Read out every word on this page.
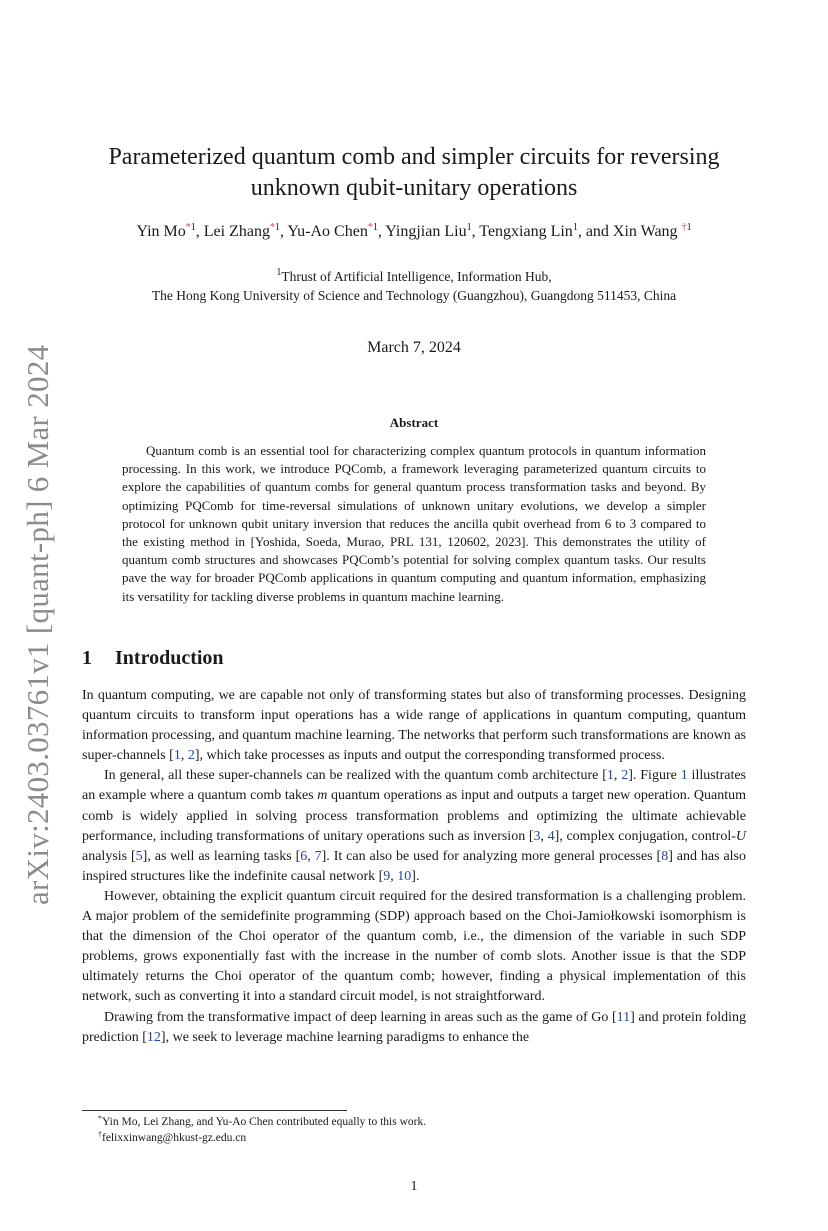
arXiv:2403.03761v1 [quant-ph] 6 Mar 2024
Parameterized quantum comb and simpler circuits for reversing
unknown qubit-unitary operations
Yin Mo$^{*1}$, Lei Zhang$^{*1}$, Yu-Ao Chen$^{*1}$, Yingjian Liu$^1$, Tengxiang Lin$^1$, and Xin Wang $^{\dagger 1}$
$^1$Thrust of Artificial Intelligence, Information Hub,
The Hong Kong University of Science and Technology (Guangzhou), Guangdong 511453, China
March 7, 2024
Abstract
Quantum comb is an essential tool for characterizing complex quantum protocols in quantum information processing. In this work, we introduce PQComb, a framework leveraging parameterized quantum circuits to explore the capabilities of quantum combs for general quantum process transformation tasks and beyond. By optimizing PQComb for time-reversal simulations of unknown unitary evolutions, we develop a simpler protocol for unknown qubit unitary inversion that reduces the ancilla qubit overhead from 6 to 3 compared to the existing method in [Yoshida, Soeda, Murao, PRL 131, 120602, 2023]. This demonstrates the utility of quantum comb structures and showcases PQComb’s potential for solving complex quantum tasks. Our results pave the way for broader PQComb applications in quantum computing and quantum information, emphasizing its versatility for tackling diverse problems in quantum machine learning.
1 Introduction

In quantum computing, we are capable not only of transforming states but also of transforming processes. Designing quantum circuits to transform input operations has a wide range of applications in quantum computing, quantum information processing, and quantum machine learning. The networks that perform such transformations are known as super-channels [1, 2], which take processes as inputs and output the corresponding transformed process.

In general, all these super-channels can be realized with the quantum comb architecture [1, 2]. Figure 1 illustrates an example where a quantum comb takes m quantum operations as input and outputs a target new operation. Quantum comb is widely applied in solving process transformation problems and optimizing the ultimate achievable performance, including transformations of unitary operations such as inversion [3, 4], complex conjugation, control-U analysis [5], as well as learning tasks [6, 7]. It can also be used for analyzing more general processes [8] and has also inspired structures like the indefinite causal network [9, 10].

However, obtaining the explicit quantum circuit required for the desired transformation is a challenging problem. A major problem of the semidefinite programming (SDP) approach based on the Choi-Jamiołkowski isomorphism is that the dimension of the Choi operator of the quantum comb, i.e., the dimension of the variable in such SDP problems, grows exponentially fast with the increase in the number of comb slots. Another issue is that the SDP ultimately returns the Choi operator of the quantum comb; however, finding a physical implementation of this network, such as converting it into a standard circuit model, is not straightforward.

Drawing from the transformative impact of deep learning in areas such as the game of Go [11] and protein folding prediction [12], we seek to leverage machine learning paradigms to enhance the

*Yin Mo, Lei Zhang, and Yu-Ao Chen contributed equally to this work.
†felixxinwang@hkust-gz.edu.cn
1
